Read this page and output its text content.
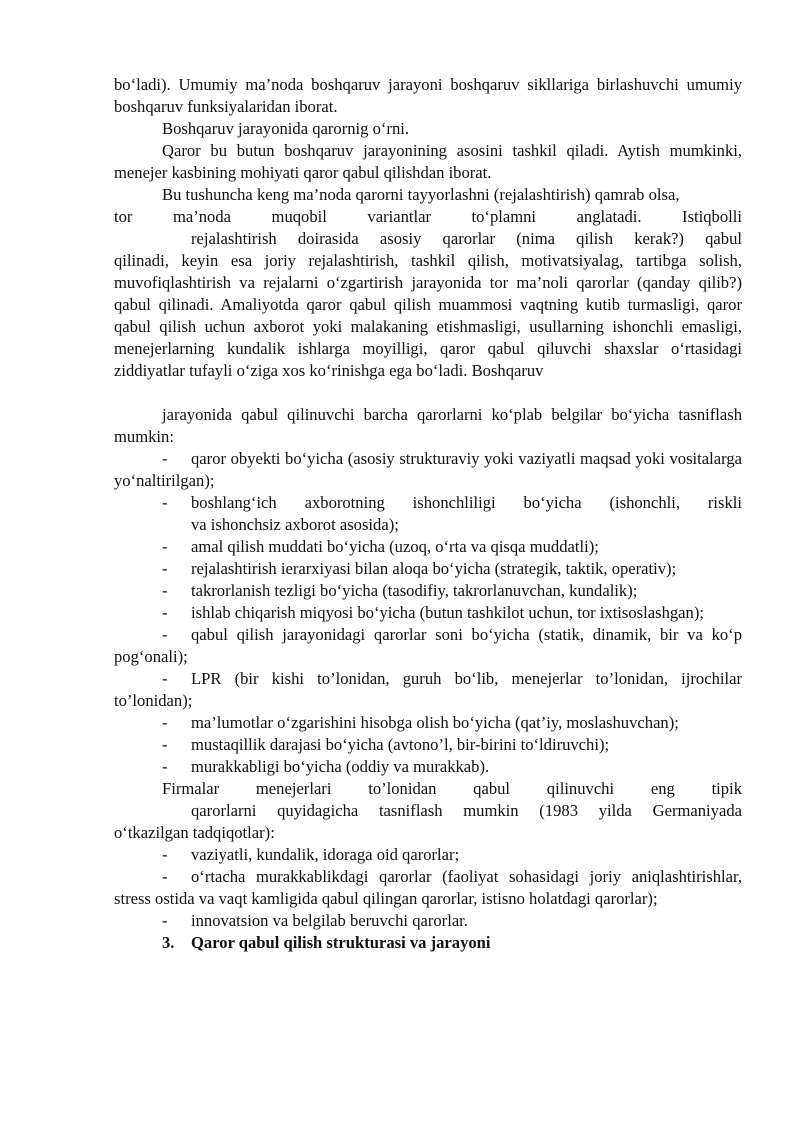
bo‘ladi). Umumiy ma’noda boshqaruv jarayoni boshqaruv sikllariga birlashuvchi umumiy boshqaruv funksiyalaridan iborat.

Boshqaruv jarayonida qarornig o‘rni.

Qaror bu butun boshqaruv jarayonining asosini tashkil qiladi. Aytish mumkinki, menejer kasbining mohiyati qaror qabul qilishdan iborat.

Bu tushuncha keng ma’noda qarorni tayyorlashni (rejalashtirish) qamrab olsa,

tor ma’noda muqobil variantlar to‘plamni anglatadi. Istiqbolli

rejalashtirish doirasida asosiy qarorlar (nima qilish kerak?) qabul

qilinadi, keyin esa joriy rejalashtirish, tashkil qilish, motivatsiyalag, tartibga solish, muvofiqlashtirish va rejalarni o‘zgartirish jarayonida tor ma’noli qarorlar (qanday qilib?) qabul qilinadi. Amaliyotda qaror qabul qilish muammosi vaqtning kutib turmasligi, qaror qabul qilish uchun axborot yoki malakaning etishmasligi, usullarning ishonchli emasligi, menejerlarning kundalik ishlarga moyilligi, qaror qabul qiluvchi shaxslar o‘rtasidagi ziddiyatlar tufayli o‘ziga xos ko‘rinishga ega bo‘ladi. Boshqaruv

jarayonida qabul qilinuvchi barcha qarorlarni ko‘plab belgilar bo‘yicha tasniflash mumkin:

- qaror obyekti bo‘yicha (asosiy strukturaviy yoki vaziyatli maqsad yoki vositalarga yo‘naltirilgan);

-	boshlang‘ich axborotning ishonchliligi bo‘yicha (ishonchli, riskli

va ishonchsiz axborot asosida);

-	amal qilish muddati bo‘yicha (uzoq, o‘rta va qisqa muddatli);

-	rejalashtirish ierarxiyasi bilan aloqa bo‘yicha (strategik, taktik, operativ);

-	takrorlanish tezligi bo‘yicha (tasodifiy, takrorlanuvchan, kundalik);

- ishlab chiqarish miqyosi bo‘yicha (butun tashkilot uchun, tor ixtisoslashgan);

- qabul qilish jarayonidagi qarorlar soni bo‘yicha (statik, dinamik, bir va ko‘p pog‘onali);

- LPR (bir kishi to’lonidan, guruh bo‘lib, menejerlar to’lonidan, ijrochilar to’lonidan);

- ma’lumotlar o‘zgarishini hisobga olish bo‘yicha (qat’iy, moslashuvchan);

-	mustaqillik darajasi bo‘yicha (avtono’l, bir-birini to‘ldiruvchi);

-	murakkabligi bo‘yicha (oddiy va murakkab).

Firmalar menejerlari to’lonidan qabul qilinuvchi eng tipik

qarorlarni quyidagicha tasniflash mumkin (1983 yilda Germaniyada

o‘tkazilgan tadqiqotlar):

-	vaziyatli, kundalik, idoraga oid qarorlar;

- o‘rtacha murakkablikdagi qarorlar (faoliyat sohasidagi joriy aniqlashtirishlar, stress ostida va vaqt kamligida qabul qilingan qarorlar, istisno holatdagi qarorlar);

-	innovatsion va belgilab beruvchi qarorlar.

3. Qaror qabul qilish strukturasi va jarayoni
